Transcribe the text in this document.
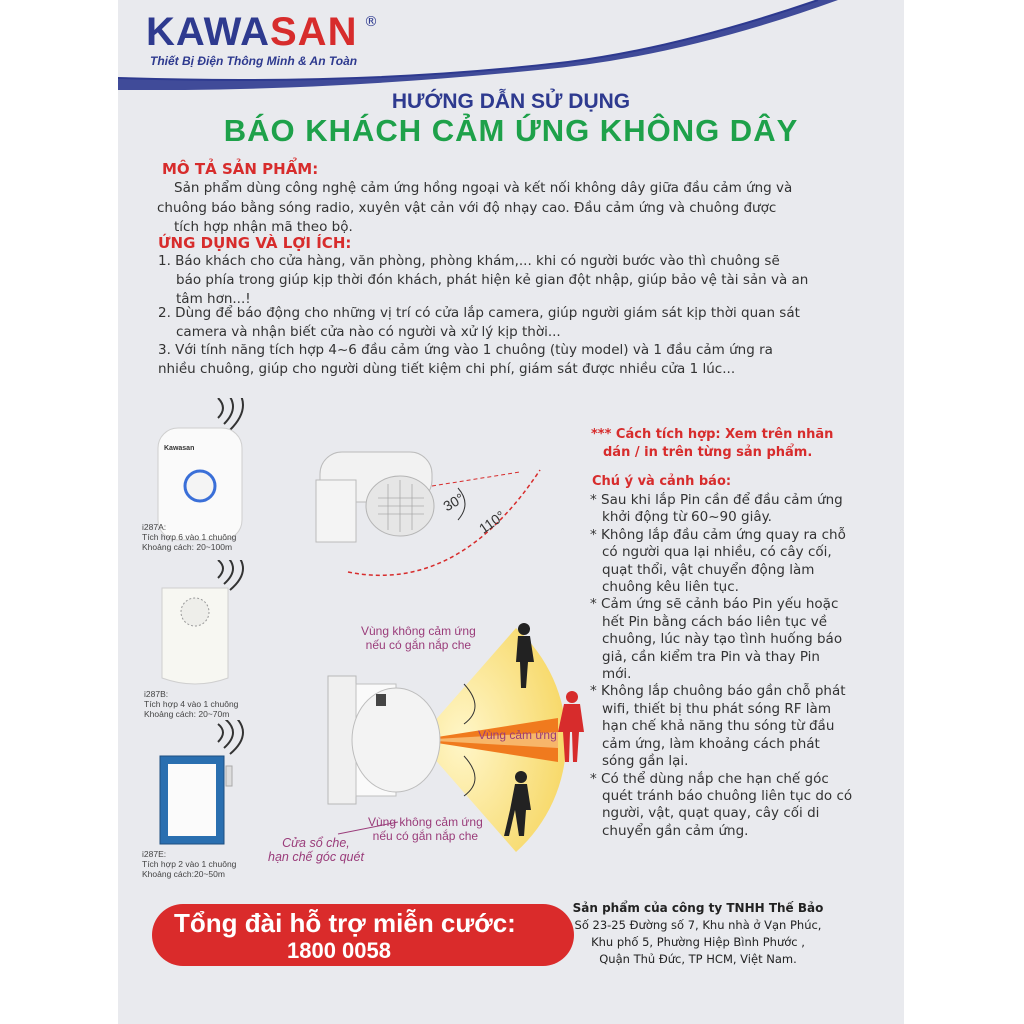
KAWASAN ®
Thiết Bị Điện Thông Minh & An Toàn
HƯỚNG DẪN SỬ DỤNG
BÁO KHÁCH CẢM ỨNG KHÔNG DÂY
MÔ TẢ SẢN PHẨM:
Sản phẩm dùng công nghệ cảm ứng hồng ngoại và kết nối không dây giữa đầu cảm ứng và
chuông báo bằng sóng radio, xuyên vật cản với độ nhạy cao. Đầu cảm ứng và chuông được
tích hợp nhận mã theo bộ.
ỨNG DỤNG VÀ LỢI ÍCH:
1. Báo khách cho cửa hàng, văn phòng, phòng khám,... khi có người bước vào thì chuông sẽ
báo phía trong giúp kịp thời đón khách, phát hiện kẻ gian đột nhập, giúp bảo vệ tài sản và an
tâm hơn...!
2. Dùng để báo động cho những vị trí có cửa lắp camera, giúp người giám sát kịp thời quan sát
camera và nhận biết cửa nào có người và xử lý kịp thời...
3. Với tính năng tích hợp 4~6 đầu cảm ứng vào 1 chuông (tùy model) và 1 đầu cảm ứng ra
nhiều chuông, giúp cho người dùng tiết kiệm chi phí, giám sát được nhiều cửa 1 lúc...
Kawasan
i287A:
Tích hợp 6 vào 1 chuông
Khoảng cách: 20~100m
i287B:
Tích hợp 4 vào 1 chuông
Khoảng cách: 20~70m
i287E:
Tích hợp 2 vào 1 chuông
Khoảng cách:20~50m
30°
110°
*** Cách tích hợp: Xem trên nhãn
dán / in trên từng sản phẩm.
Chú ý và cảnh báo:
* Sau khi lắp Pin cần để đầu cảm ứng
khởi động từ 60~90 giây.
* Không lắp đầu cảm ứng quay ra chỗ
có người qua lại nhiều, có cây cối,
quạt thổi, vật chuyển động làm
chuông kêu liên tục.
* Cảm ứng sẽ cảnh báo Pin yếu hoặc
hết Pin bằng cách báo liên tục về
chuông, lúc này tạo tình huống báo
giả, cần kiểm tra Pin và thay Pin
mới.
* Không lắp chuông báo gần chỗ phát
wifi, thiết bị thu phát sóng RF làm
hạn chế khả năng thu sóng từ đầu
cảm ứng, làm khoảng cách phát
sóng gần lại.
* Có thể dùng nắp che hạn chế góc
quét tránh báo chuông liên tục do có
người, vật, quạt quay, cây cối di
chuyển gần cảm ứng.
Vùng không cảm ứng
nếu có gắn nắp che
Vùng cảm ứng
Vùng không cảm ứng
nếu có gắn nắp che
Cửa sổ che,
hạn chế góc quét
Tổng đài hỗ trợ miễn cước:
1800 0058
Sản phẩm của công ty TNHH Thế Bảo
Số 23-25 Đường số 7, Khu nhà ở Vạn Phúc,
Khu phố 5, Phường Hiệp Bình Phước ,
Quận Thủ Đức, TP HCM, Việt Nam.
